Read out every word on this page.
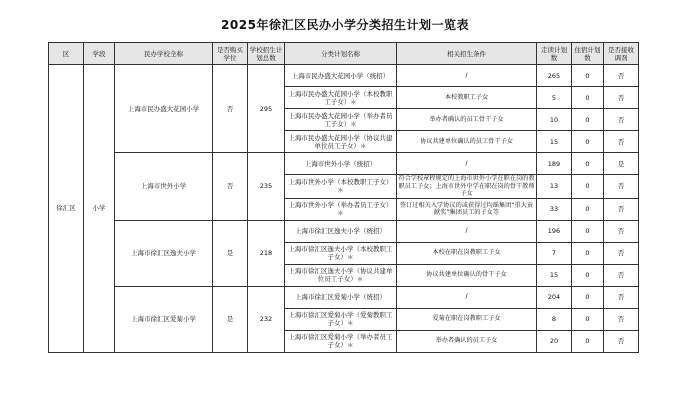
2025年徐汇区民办小学分类招生计划一览表
区	学段	民办学校全称	是否购买学位	学校招生计划总数	分类计划名称	相关招生条件	走读计划数	住宿计划数	是否接收调剂
徐汇区	小学	上海市民办盛大花园小学	否	295	上海市民办盛大花园小学（统招）	/	265	0	否
					上海市民办盛大花园小学（本校教职工子女）＊	本校教职工子女	5	0	否
					上海市民办盛大花园小学（举办者员工子女）＊	举办者确认的员工骨干子女	10	0	否
					上海市民办盛大花园小学（协议共建单位员工子女）＊	协议共建单位确认的员工骨干子女	15	0	否
		上海市世外小学	否	235	上海市世外小学（统招）	/	189	0	是
					上海市世外小学（本校教职工子女）＊	符合学校章程规定的上海市世外小学在职在岗的教职员工子女；上海市世外中学在职在岗的骨干教师子女	13	0	否
					上海市世外小学（举办者员工子女）＊	签订过相关入学协议的或获得过均瑶集团“重大贡献奖”集团员工的子女等	33	0	否
		上海市徐汇区逸夫小学	是	218	上海市徐汇区逸夫小学（统招）	/	196	0	否
					上海市徐汇区逸夫小学（本校教职工子女）＊	本校在职在岗教职工子女	7	0	否
					上海市徐汇区逸夫小学（协议共建单位员工子女）＊	协议共建单位确认的骨干子女	15	0	否
		上海市徐汇区爱菊小学	是	232	上海市徐汇区爱菊小学（统招）	/	204	0	否
					上海市徐汇区爱菊小学（爱菊教职工子女）＊	爱菊在职在岗教职工子女	8	0	否
					上海市徐汇区爱菊小学（举办者员工子女）＊	举办者确认的员工子女	20	0	否
